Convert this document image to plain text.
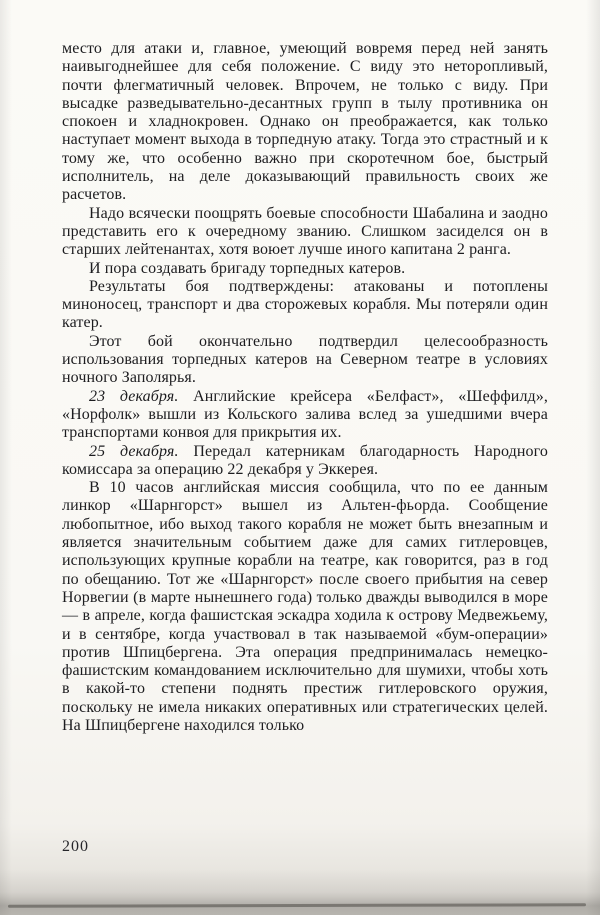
место для атаки и, главное, умеющий вовремя перед ней занять наивыгоднейшее для себя положение. С виду это неторопливый, почти флегматичный человек. Впрочем, не только с виду. При высадке разведывательно-десантных групп в тылу противника он спокоен и хладнокровен. Однако он преображается, как только наступает момент выхода в торпедную атаку. Тогда это страстный и к тому же, что особенно важно при скоротечном бое, быстрый исполнитель, на деле доказывающий правильность своих же расчетов.

Надо всячески поощрять боевые способности Шабалина и заодно представить его к очередному званию. Слишком засиделся он в старших лейтенантах, хотя воюет лучше иного капитана 2 ранга.

И пора создавать бригаду торпедных катеров.

Результаты боя подтверждены: атакованы и потоплены миноносец, транспорт и два сторожевых корабля. Мы потеряли один катер.

Этот бой окончательно подтвердил целесообразность использования торпедных катеров на Северном театре в условиях ночного Заполярья.

23 декабря. Английские крейсера «Белфаст», «Шеффилд», «Норфолк» вышли из Кольского залива вслед за ушедшими вчера транспортами конвоя для прикрытия их.

25 декабря. Передал катерникам благодарность Народного комиссара за операцию 22 декабря у Эккерея.

В 10 часов английская миссия сообщила, что по ее данным линкор «Шарнгорст» вышел из Альтен-фьорда. Сообщение любопытное, ибо выход такого корабля не может быть внезапным и является значительным событием даже для самих гитлеровцев, использующих крупные корабли на театре, как говорится, раз в год по обещанию. Тот же «Шарнгорст» после своего прибытия на север Норвегии (в марте нынешнего года) только дважды выводился в море — в апреле, когда фашистская эскадра ходила к острову Медвежьему, и в сентябре, когда участвовал в так называемой «бум-операции» против Шпицбергена. Эта операция предпринималась немецко-фашистским командованием исключительно для шумихи, чтобы хоть в какой-то степени поднять престиж гитлеровского оружия, поскольку не имела никаких оперативных или стратегических целей. На Шпицбергене находился только

200
